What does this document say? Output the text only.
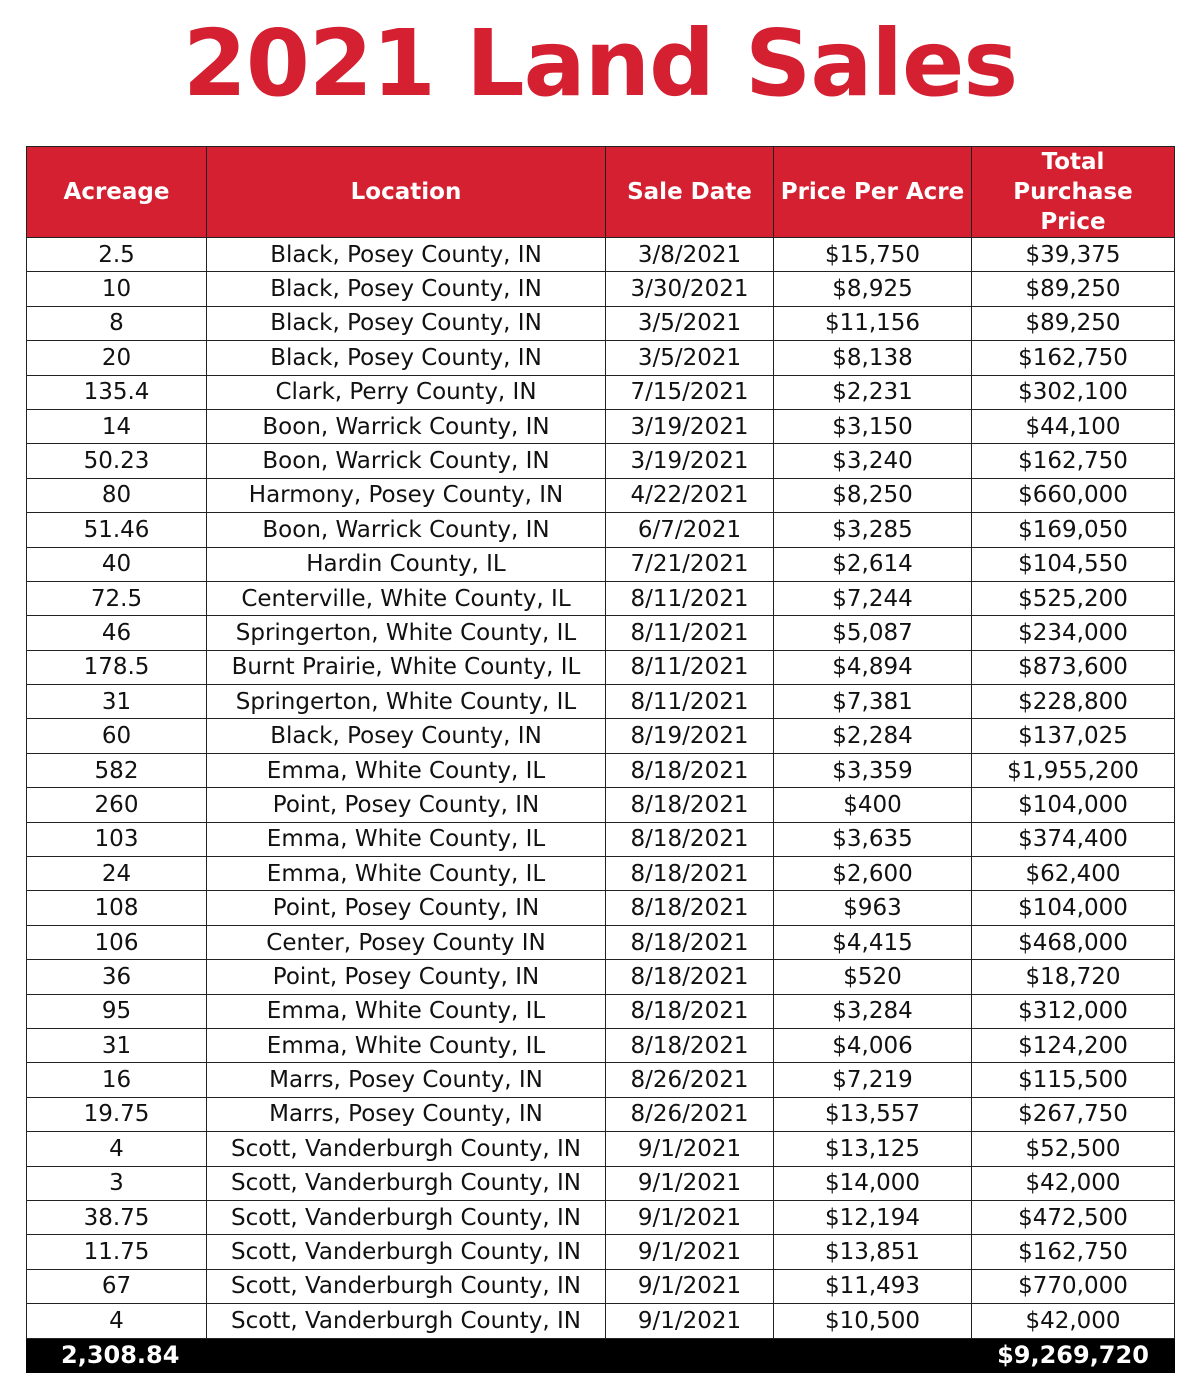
2021 Land Sales
Acreage	Location	Sale Date	Price Per Acre	Total Purchase Price
2.5	Black, Posey County, IN	3/8/2021	$15,750	$39,375
10	Black, Posey County, IN	3/30/2021	$8,925	$89,250
8	Black, Posey County, IN	3/5/2021	$11,156	$89,250
20	Black, Posey County, IN	3/5/2021	$8,138	$162,750
135.4	Clark, Perry County, IN	7/15/2021	$2,231	$302,100
14	Boon, Warrick County, IN	3/19/2021	$3,150	$44,100
50.23	Boon, Warrick County, IN	3/19/2021	$3,240	$162,750
80	Harmony, Posey County, IN	4/22/2021	$8,250	$660,000
51.46	Boon, Warrick County, IN	6/7/2021	$3,285	$169,050
40	Hardin County, IL	7/21/2021	$2,614	$104,550
72.5	Centerville, White County, IL	8/11/2021	$7,244	$525,200
46	Springerton, White County, IL	8/11/2021	$5,087	$234,000
178.5	Burnt Prairie, White County, IL	8/11/2021	$4,894	$873,600
31	Springerton, White County, IL	8/11/2021	$7,381	$228,800
60	Black, Posey County, IN	8/19/2021	$2,284	$137,025
582	Emma, White County, IL	8/18/2021	$3,359	$1,955,200
260	Point, Posey County, IN	8/18/2021	$400	$104,000
103	Emma, White County, IL	8/18/2021	$3,635	$374,400
24	Emma, White County, IL	8/18/2021	$2,600	$62,400
108	Point, Posey County, IN	8/18/2021	$963	$104,000
106	Center, Posey County IN	8/18/2021	$4,415	$468,000
36	Point, Posey County, IN	8/18/2021	$520	$18,720
95	Emma, White County, IL	8/18/2021	$3,284	$312,000
31	Emma, White County, IL	8/18/2021	$4,006	$124,200
16	Marrs, Posey County, IN	8/26/2021	$7,219	$115,500
19.75	Marrs, Posey County, IN	8/26/2021	$13,557	$267,750
4	Scott, Vanderburgh County, IN	9/1/2021	$13,125	$52,500
3	Scott, Vanderburgh County, IN	9/1/2021	$14,000	$42,000
38.75	Scott, Vanderburgh County, IN	9/1/2021	$12,194	$472,500
11.75	Scott, Vanderburgh County, IN	9/1/2021	$13,851	$162,750
67	Scott, Vanderburgh County, IN	9/1/2021	$11,493	$770,000
4	Scott, Vanderburgh County, IN	9/1/2021	$10,500	$42,000
2,308.84				$9,269,720
